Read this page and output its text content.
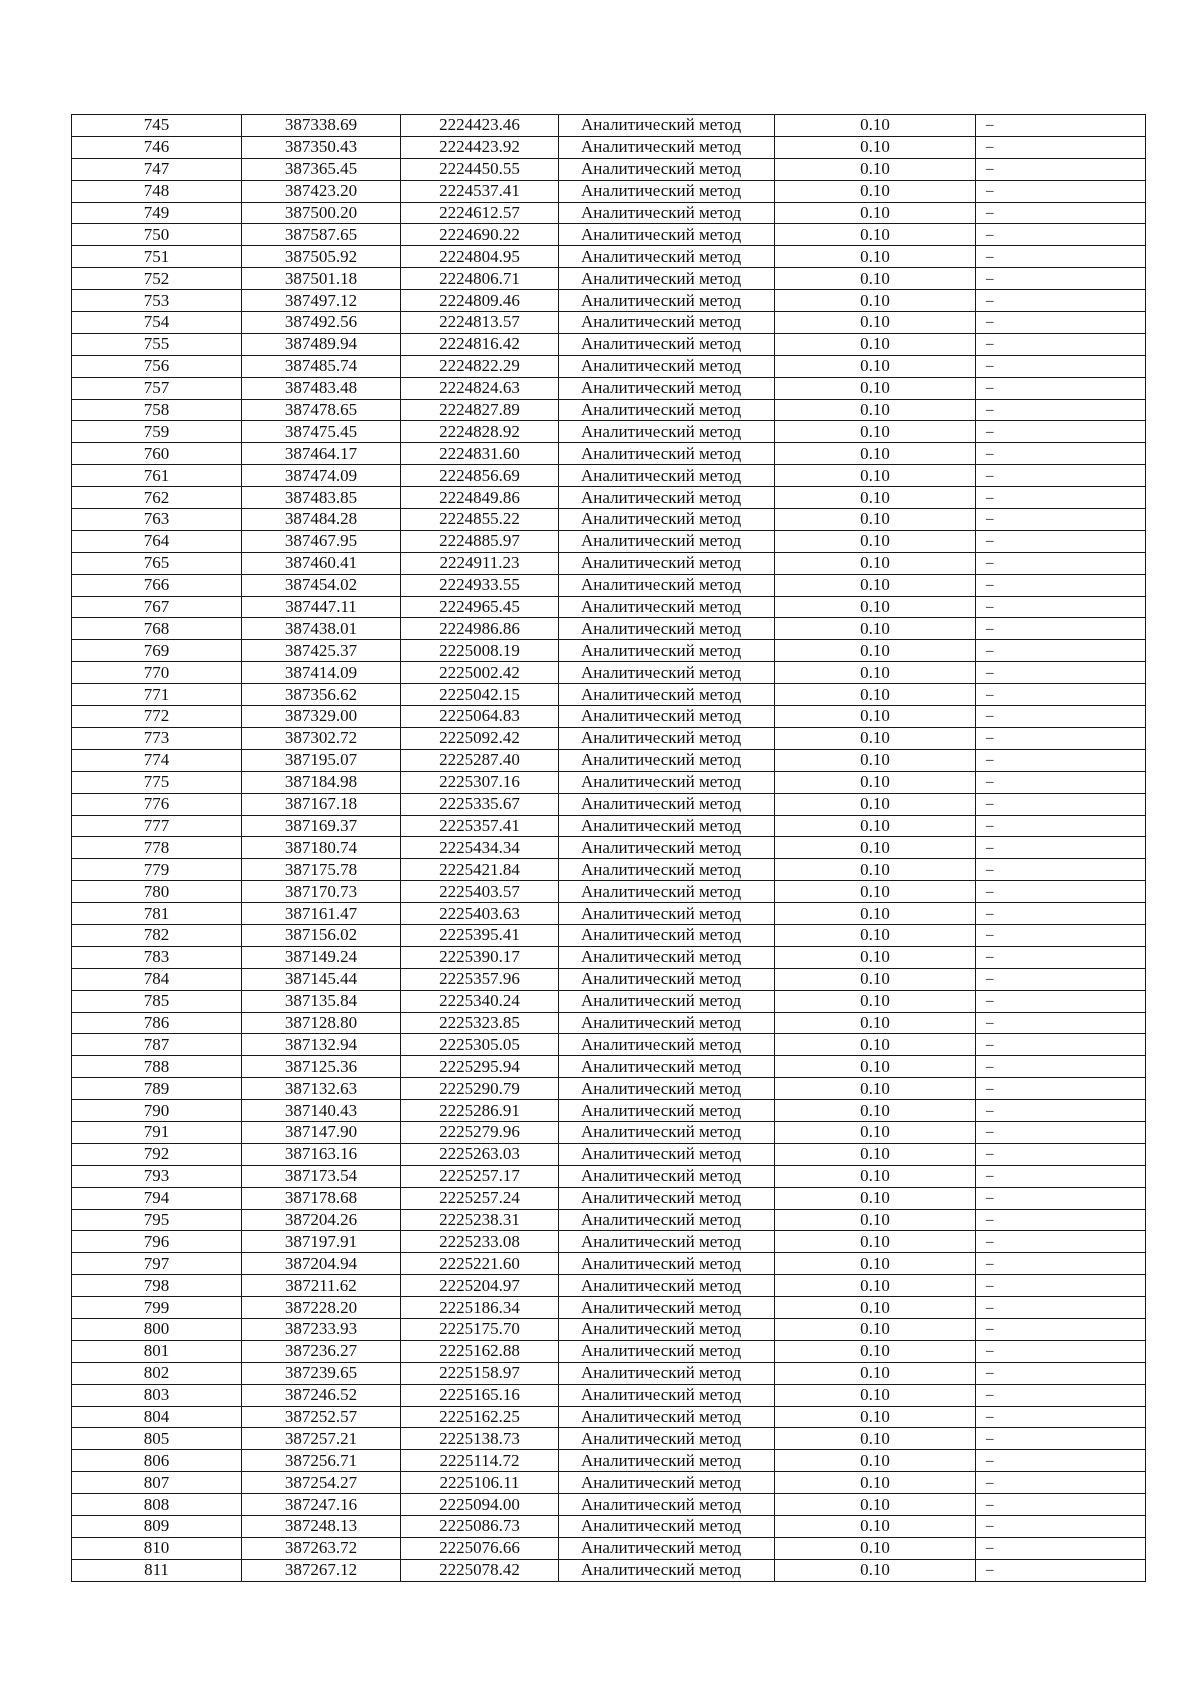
745	387338.69	2224423.46	Аналитический метод	0.10	–
746	387350.43	2224423.92	Аналитический метод	0.10	–
747	387365.45	2224450.55	Аналитический метод	0.10	–
748	387423.20	2224537.41	Аналитический метод	0.10	–
749	387500.20	2224612.57	Аналитический метод	0.10	–
750	387587.65	2224690.22	Аналитический метод	0.10	–
751	387505.92	2224804.95	Аналитический метод	0.10	–
752	387501.18	2224806.71	Аналитический метод	0.10	–
753	387497.12	2224809.46	Аналитический метод	0.10	–
754	387492.56	2224813.57	Аналитический метод	0.10	–
755	387489.94	2224816.42	Аналитический метод	0.10	–
756	387485.74	2224822.29	Аналитический метод	0.10	–
757	387483.48	2224824.63	Аналитический метод	0.10	–
758	387478.65	2224827.89	Аналитический метод	0.10	–
759	387475.45	2224828.92	Аналитический метод	0.10	–
760	387464.17	2224831.60	Аналитический метод	0.10	–
761	387474.09	2224856.69	Аналитический метод	0.10	–
762	387483.85	2224849.86	Аналитический метод	0.10	–
763	387484.28	2224855.22	Аналитический метод	0.10	–
764	387467.95	2224885.97	Аналитический метод	0.10	–
765	387460.41	2224911.23	Аналитический метод	0.10	–
766	387454.02	2224933.55	Аналитический метод	0.10	–
767	387447.11	2224965.45	Аналитический метод	0.10	–
768	387438.01	2224986.86	Аналитический метод	0.10	–
769	387425.37	2225008.19	Аналитический метод	0.10	–
770	387414.09	2225002.42	Аналитический метод	0.10	–
771	387356.62	2225042.15	Аналитический метод	0.10	–
772	387329.00	2225064.83	Аналитический метод	0.10	–
773	387302.72	2225092.42	Аналитический метод	0.10	–
774	387195.07	2225287.40	Аналитический метод	0.10	–
775	387184.98	2225307.16	Аналитический метод	0.10	–
776	387167.18	2225335.67	Аналитический метод	0.10	–
777	387169.37	2225357.41	Аналитический метод	0.10	–
778	387180.74	2225434.34	Аналитический метод	0.10	–
779	387175.78	2225421.84	Аналитический метод	0.10	–
780	387170.73	2225403.57	Аналитический метод	0.10	–
781	387161.47	2225403.63	Аналитический метод	0.10	–
782	387156.02	2225395.41	Аналитический метод	0.10	–
783	387149.24	2225390.17	Аналитический метод	0.10	–
784	387145.44	2225357.96	Аналитический метод	0.10	–
785	387135.84	2225340.24	Аналитический метод	0.10	–
786	387128.80	2225323.85	Аналитический метод	0.10	–
787	387132.94	2225305.05	Аналитический метод	0.10	–
788	387125.36	2225295.94	Аналитический метод	0.10	–
789	387132.63	2225290.79	Аналитический метод	0.10	–
790	387140.43	2225286.91	Аналитический метод	0.10	–
791	387147.90	2225279.96	Аналитический метод	0.10	–
792	387163.16	2225263.03	Аналитический метод	0.10	–
793	387173.54	2225257.17	Аналитический метод	0.10	–
794	387178.68	2225257.24	Аналитический метод	0.10	–
795	387204.26	2225238.31	Аналитический метод	0.10	–
796	387197.91	2225233.08	Аналитический метод	0.10	–
797	387204.94	2225221.60	Аналитический метод	0.10	–
798	387211.62	2225204.97	Аналитический метод	0.10	–
799	387228.20	2225186.34	Аналитический метод	0.10	–
800	387233.93	2225175.70	Аналитический метод	0.10	–
801	387236.27	2225162.88	Аналитический метод	0.10	–
802	387239.65	2225158.97	Аналитический метод	0.10	–
803	387246.52	2225165.16	Аналитический метод	0.10	–
804	387252.57	2225162.25	Аналитический метод	0.10	–
805	387257.21	2225138.73	Аналитический метод	0.10	–
806	387256.71	2225114.72	Аналитический метод	0.10	–
807	387254.27	2225106.11	Аналитический метод	0.10	–
808	387247.16	2225094.00	Аналитический метод	0.10	–
809	387248.13	2225086.73	Аналитический метод	0.10	–
810	387263.72	2225076.66	Аналитический метод	0.10	–
811	387267.12	2225078.42	Аналитический метод	0.10	–
